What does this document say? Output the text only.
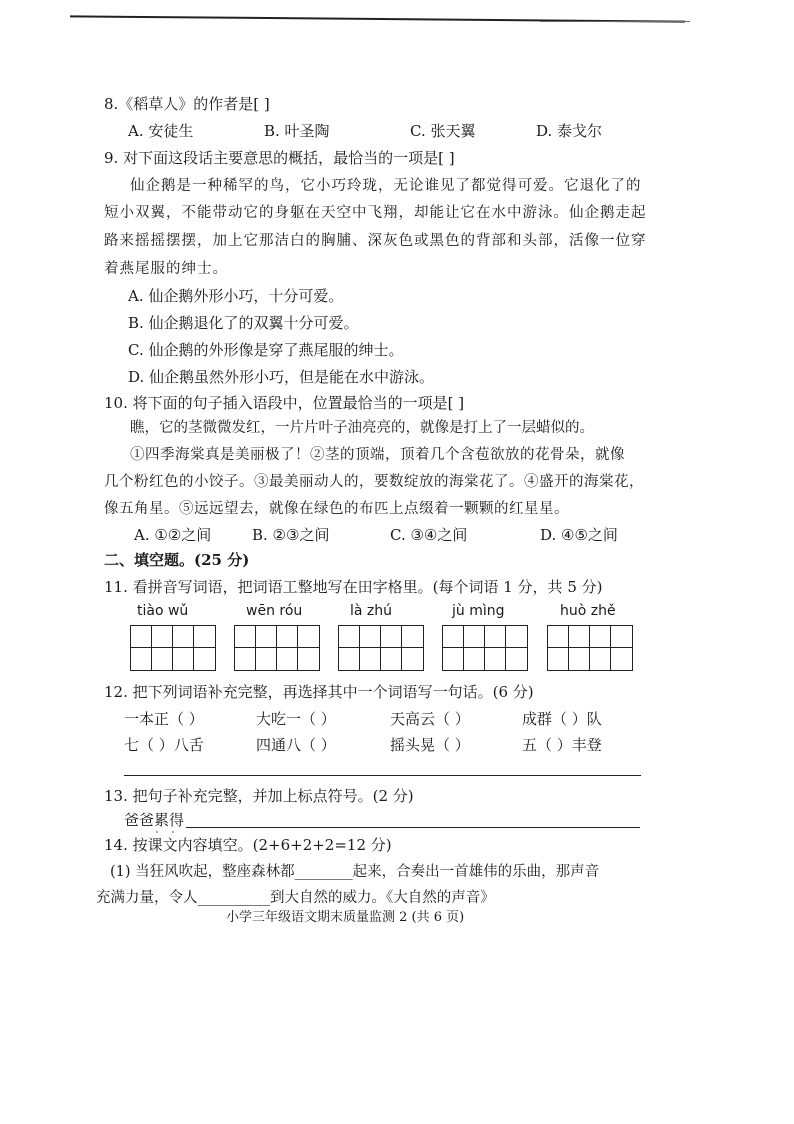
8.《稻草人》的作者是[ ]
A. 安徒生	B. 叶圣陶	C. 张天翼	D. 泰戈尔
9. 对下面这段话主要意思的概括，最恰当的一项是[ ]
仙企鹅是一种稀罕的鸟，它小巧玲珑，无论谁见了都觉得可爱。它退化了的
短小双翼，不能带动它的身躯在天空中飞翔，却能让它在水中游泳。仙企鹅走起
路来摇摇摆摆，加上它那洁白的胸脯、深灰色或黑色的背部和头部，活像一位穿
着燕尾服的绅士。
A. 仙企鹅外形小巧，十分可爱。
B. 仙企鹅退化了的双翼十分可爱。
C. 仙企鹅的外形像是穿了燕尾服的绅士。
D. 仙企鹅虽然外形小巧，但是能在水中游泳。
10. 将下面的句子插入语段中，位置最恰当的一项是[ ]
瞧，它的茎微微发红，一片片叶子油亮亮的，就像是打上了一层蜡似的。
①四季海棠真是美丽极了！②茎的顶端，顶着几个含苞欲放的花骨朵，就像
几个粉红色的小饺子。③最美丽动人的，要数绽放的海棠花了。④盛开的海棠花，
像五角星。⑤远远望去，就像在绿色的布匹上点缀着一颗颗的红星星。
A. ①②之间	B. ②③之间	C. ③④之间	D. ④⑤之间
二、填空题。(25 分)
11. 看拼音写词语，把词语工整地写在田字格里。(每个词语 1 分，共 5 分)
tiào wǔ	wēn róu	là zhú	jù mìng	huò zhě
12. 把下列词语补充完整，再选择其中一个词语写一句话。(6 分)
一本正（ ）	大吃一（ ）	天高云（ ）	成群（ ）队
七（ ）八舌	四通八（ ）	摇头晃（ ）	五（ ）丰登
13. 把句子补充完整，并加上标点符号。(2 分)
爸爸累得
14. 按课文内容填空。(2+6+2+2=12 分)
(1) 当狂风吹起，整座森林都________起来，合奏出一首雄伟的乐曲，那声音
充满力量，令人__________到大自然的威力。《大自然的声音》
小学三年级语文期末质量监测 2 (共 6 页)
